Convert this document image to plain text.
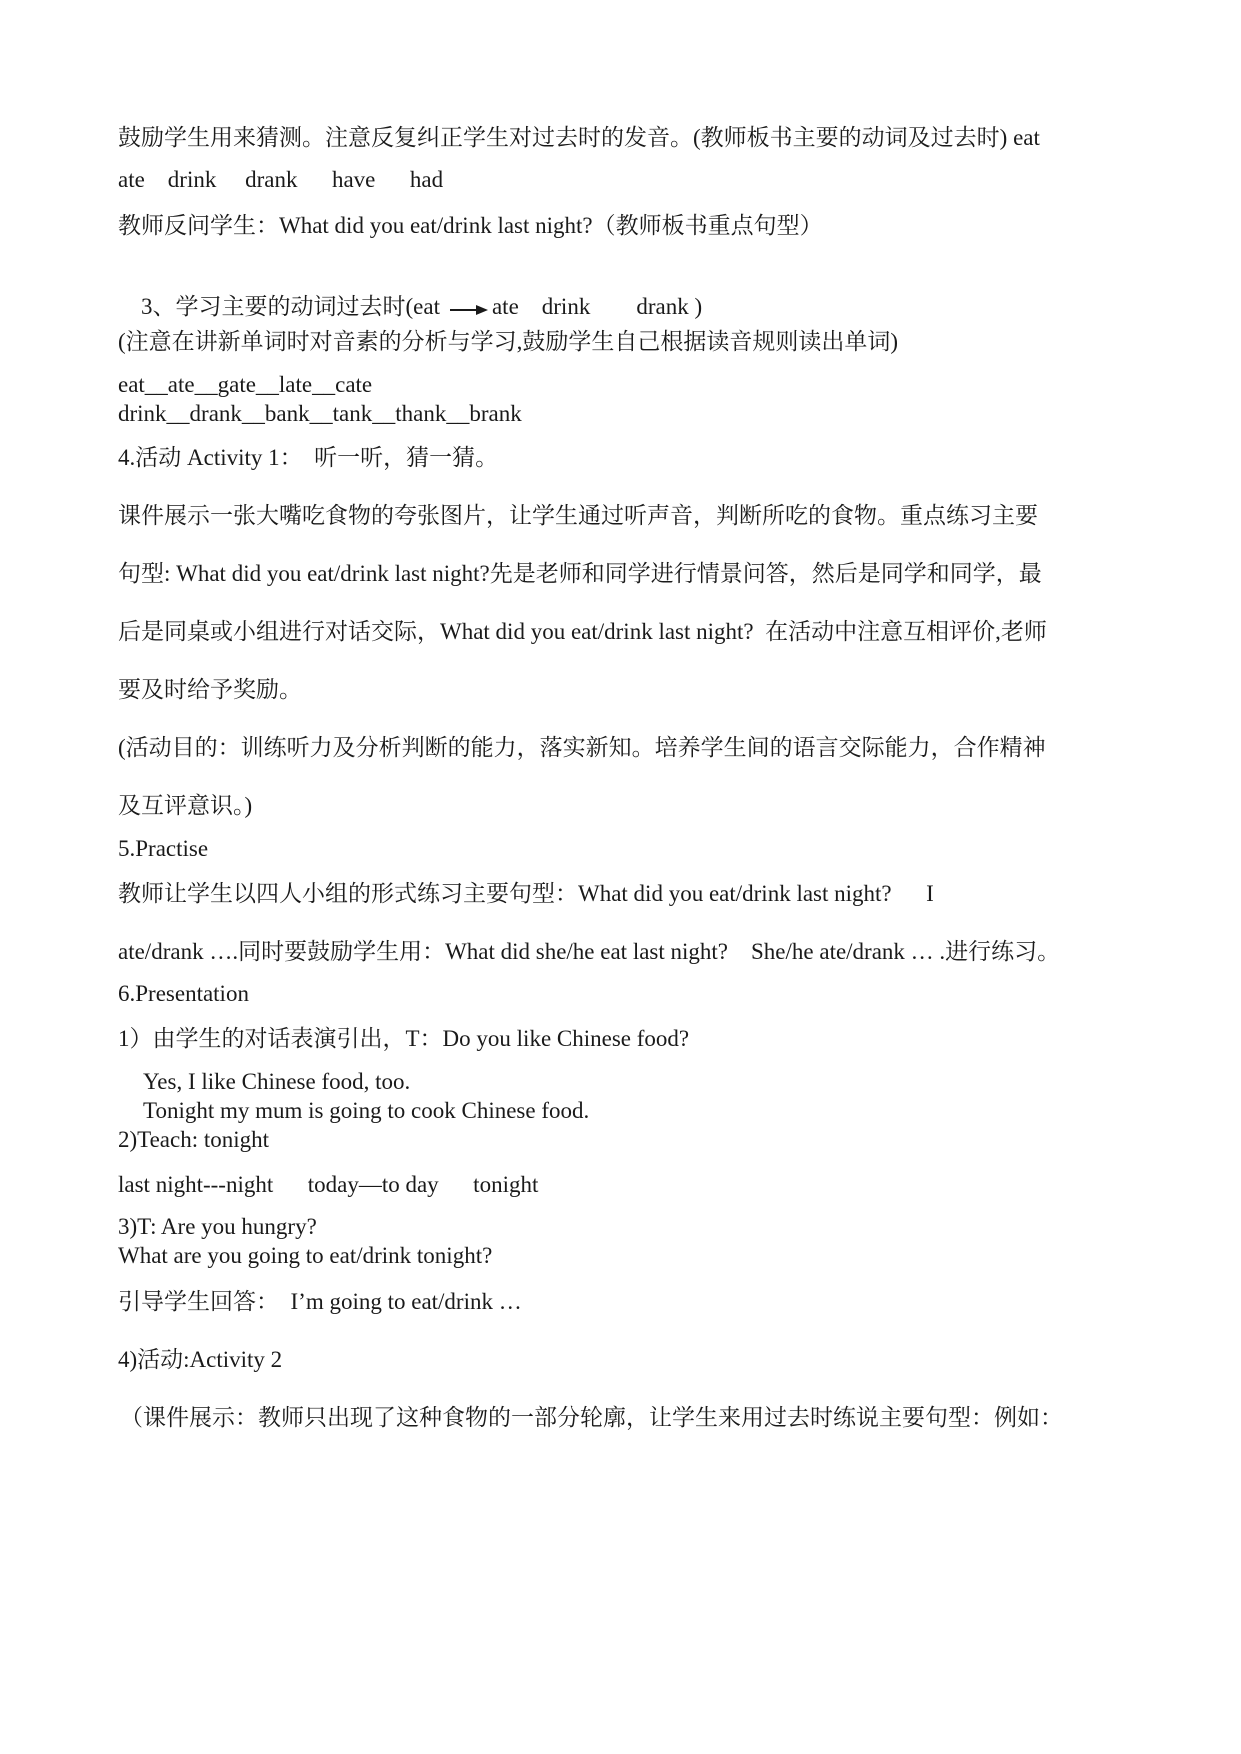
鼓励学生用来猜测。注意反复纠正学生对过去时的发音。(教师板书主要的动词及过去时) eat
ate    drink     drank      have      had
教师反问学生：What did you eat/drink last night?（教师板书重点句型）

3、学习主要的动词过去时(eat ate    drink        drank )

(注意在讲新单词时对音素的分析与学习,鼓励学生自己根据读音规则读出单词)
eat__ate__gate__late__cate
drink__drank__bank__tank__thank__brank
4.活动 Activity 1：  听一听，猜一猜。
课件展示一张大嘴吃食物的夸张图片，让学生通过听声音，判断所吃的食物。重点练习主要
句型: What did you eat/drink last night?先是老师和同学进行情景问答，然后是同学和同学，最
后是同桌或小组进行对话交际，What did you eat/drink last night?  在活动中注意互相评价,老师
要及时给予奖励。
(活动目的：训练听力及分析判断的能力，落实新知。培养学生间的语言交际能力，合作精神
及互评意识。)
5.Practise
教师让学生以四人小组的形式练习主要句型：What did you eat/drink last night?      I
ate/drank ….同时要鼓励学生用：What did she/he eat last night?    She/he ate/drank … .进行练习。
6.Presentation
1）由学生的对话表演引出，T：Do you like Chinese food?
Yes, I like Chinese food, too.
Tonight my mum is going to cook Chinese food.
2)Teach: tonight
last night---night      today—to day      tonight
3)T: Are you hungry?
What are you going to eat/drink tonight?
引导学生回答：  I’m going to eat/drink …
4)活动:Activity 2
（课件展示：教师只出现了这种食物的一部分轮廓，让学生来用过去时练说主要句型：例如：
